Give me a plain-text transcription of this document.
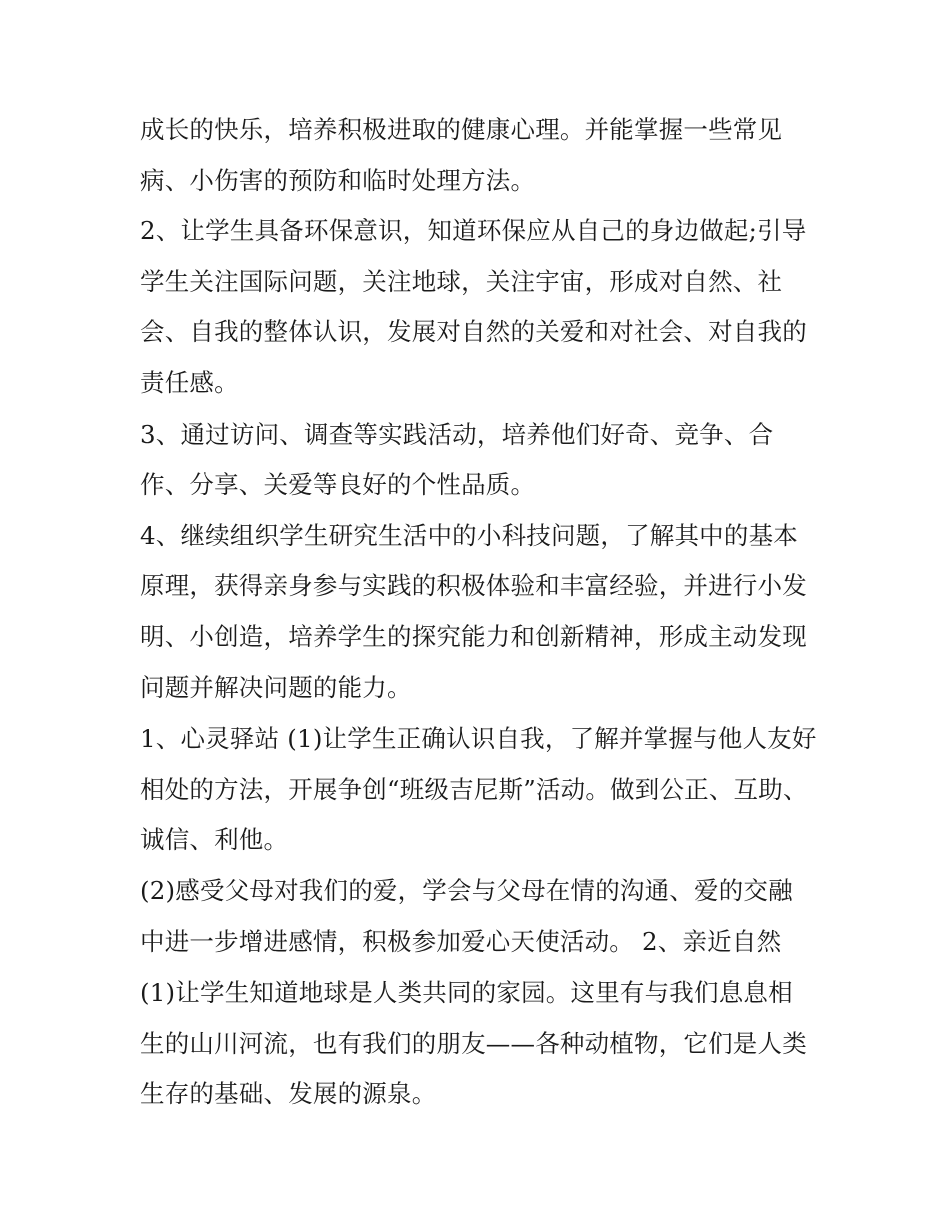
成长的快乐，培养积极进取的健康心理。并能掌握一些常见
病、小伤害的预防和临时处理方法。
2、让学生具备环保意识，知道环保应从自己的身边做起;引导
学生关注国际问题，关注地球，关注宇宙，形成对自然、社
会、自我的整体认识，发展对自然的关爱和对社会、对自我的
责任感。
3、通过访问、调查等实践活动，培养他们好奇、竞争、合
作、分享、关爱等良好的个性品质。
4、继续组织学生研究生活中的小科技问题，了解其中的基本
原理，获得亲身参与实践的积极体验和丰富经验，并进行小发
明、小创造，培养学生的探究能力和创新精神，形成主动发现
问题并解决问题的能力。
1、心灵驿站 (1)让学生正确认识自我，了解并掌握与他人友好
相处的方法，开展争创“班级吉尼斯”活动。做到公正、互助、
诚信、利他。
(2)感受父母对我们的爱，学会与父母在情的沟通、爱的交融
中进一步增进感情，积极参加爱心天使活动。 2、亲近自然
(1)让学生知道地球是人类共同的家园。这里有与我们息息相
生的山川河流，也有我们的朋友——各种动植物，它们是人类
生存的基础、发展的源泉。
